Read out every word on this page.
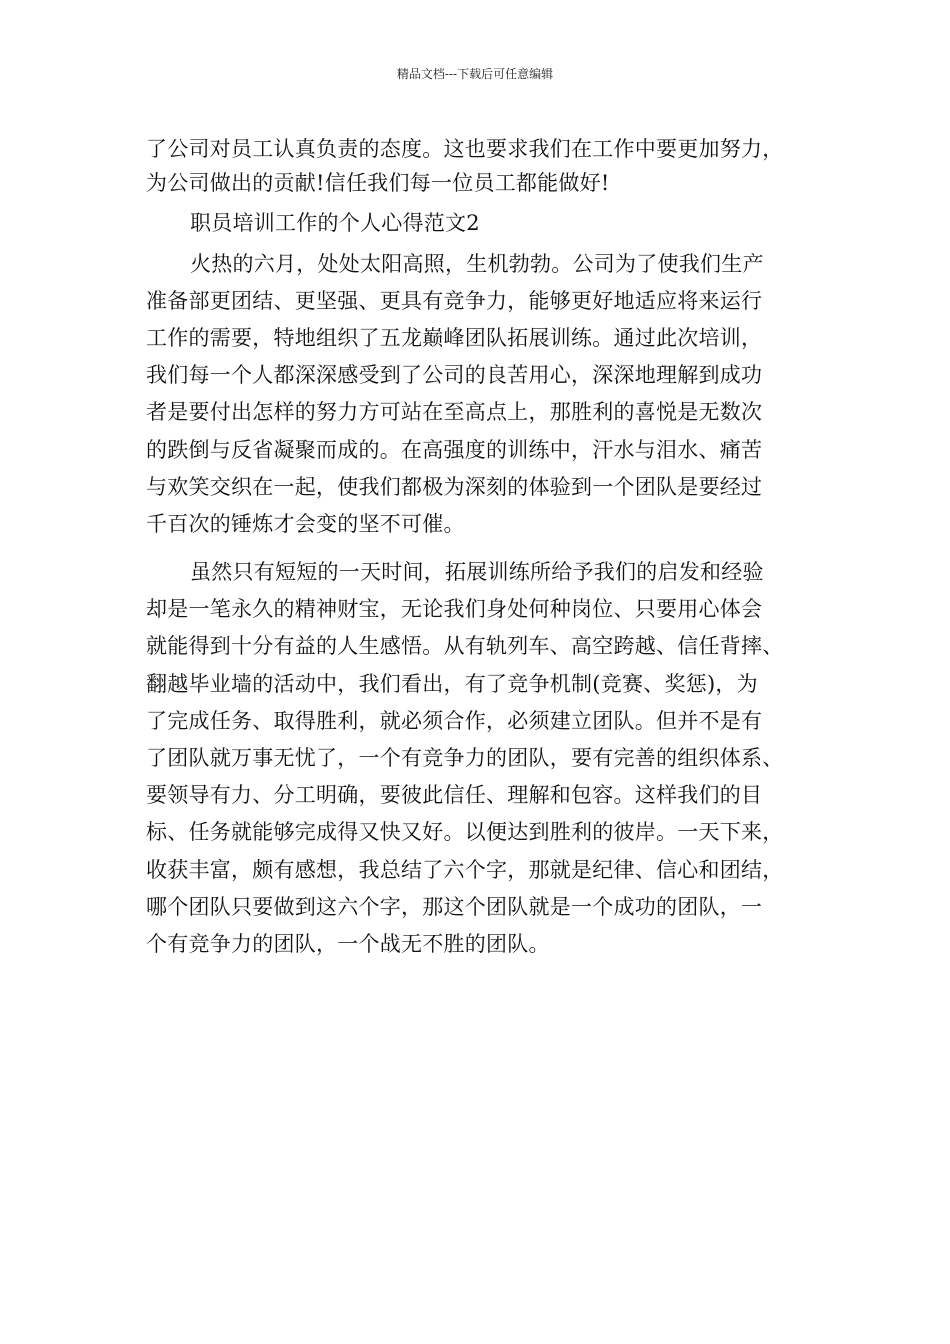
精品文档---下载后可任意编辑
了公司对员工认真负责的态度。这也要求我们在工作中要更加努力，
为公司做出的贡献!信任我们每一位员工都能做好!
职员培训工作的个人心得范文2
火热的六月，处处太阳高照，生机勃勃。公司为了使我们生产
准备部更团结、更坚强、更具有竞争力，能够更好地适应将来运行
工作的需要，特地组织了五龙巅峰团队拓展训练。通过此次培训，
我们每一个人都深深感受到了公司的良苦用心，深深地理解到成功
者是要付出怎样的努力方可站在至高点上，那胜利的喜悦是无数次
的跌倒与反省凝聚而成的。在高强度的训练中，汗水与泪水、痛苦
与欢笑交织在一起，使我们都极为深刻的体验到一个团队是要经过
千百次的锤炼才会变的坚不可催。
虽然只有短短的一天时间，拓展训练所给予我们的启发和经验
却是一笔永久的精神财宝，无论我们身处何种岗位、只要用心体会
就能得到十分有益的人生感悟。从有轨列车、高空跨越、信任背摔、
翻越毕业墙的活动中，我们看出，有了竞争机制(竞赛、奖惩)，为
了完成任务、取得胜利，就必须合作，必须建立团队。但并不是有
了团队就万事无忧了，一个有竞争力的团队，要有完善的组织体系、
要领导有力、分工明确，要彼此信任、理解和包容。这样我们的目
标、任务就能够完成得又快又好。以便达到胜利的彼岸。一天下来，
收获丰富，颇有感想，我总结了六个字，那就是纪律、信心和团结，
哪个团队只要做到这六个字，那这个团队就是一个成功的团队，一
个有竞争力的团队，一个战无不胜的团队。
